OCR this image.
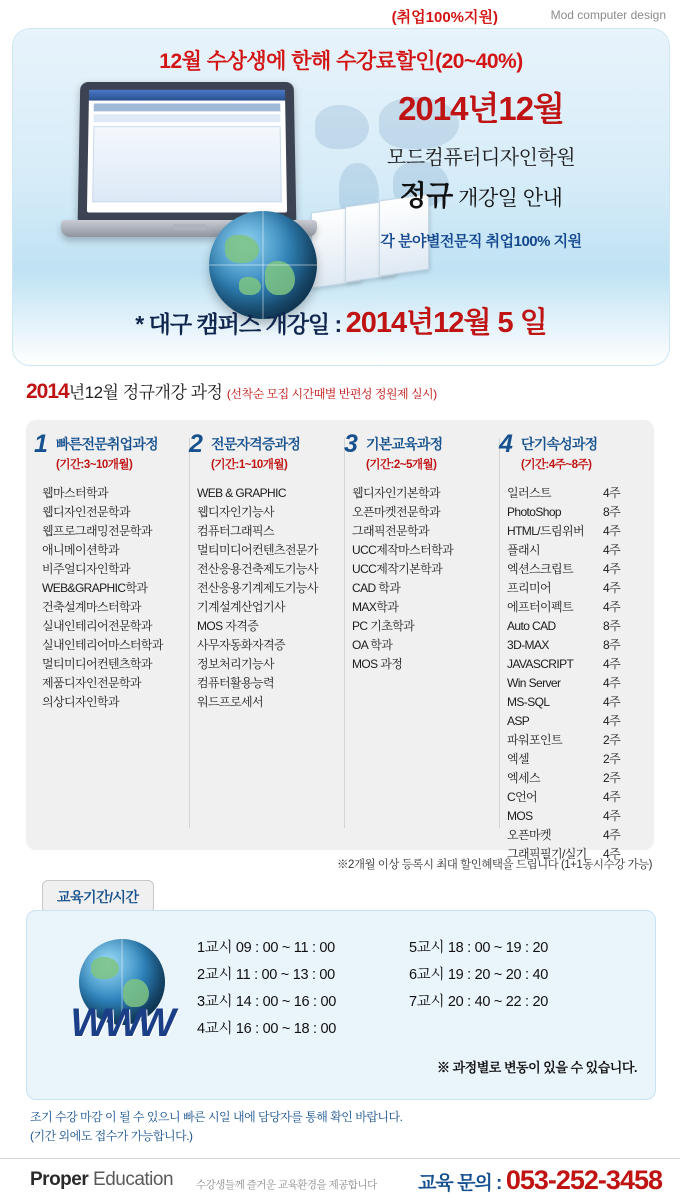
(취업100%지원)	Mod computer design
12월 수상생에 한해 수강료할인(20~40%)
2014년12월
모드컴퓨터디자인학원
정규 개강일 안내
각 분야별전문직 취업100% 지원
* 대구 캠퍼스 개강일 : 2014년12월 5 일
2014년12월 정규개강 과정 (선착순 모집 시간때별 반편성 정원제 실시)
1 빠른전문취업과정
(기간:3~10개월)
웹마스터학과
웹디자인전문학과
웹프로그래밍전문학과
애니메이션학과
비주얼디자인학과
WEB&GRAPHIC학과
건축설계마스터학과
실내인테리어전문학과
실내인테리어마스터학과
멀티미디어컨텐츠학과
제품디자인전문학과
의상디자인학과
2 전문자격증과정
(기간:1~10개월)
WEB & GRAPHIC
웹디자인기능사
컴퓨터그래픽스
멀티미디어컨텐츠전문가
전산응용건축제도기능사
전산응용기계제도기능사
기계설계산업기사
MOS 자격증
사무자동화자격증
정보처리기능사
컴퓨터활용능력
워드프로세서
3 기본교육과정
(기간:2~5개월)
웹디자인기본학과
오픈마켓전문학과
그래픽전문학과
UCC제작마스터학과
UCC제작기본학과
CAD 학과
MAX학과
PC 기초학과
OA 학과
MOS 과정
4 단기속성과정
(기간:4주~8주)
일러스트	4주
PhotoShop	8주
HTML/드림위버	4주
플래시	4주
엑션스크립트	4주
프리미어	4주
에프터이펙트	4주
Auto CAD	8주
3D-MAX	8주
JAVASCRIPT	4주
Win Server	4주
MS-SQL	4주
ASP	4주
파워포인트	2주
엑셀	2주
엑세스	2주
C언어	4주
MOS	4주
오픈마켓	4주
그래픽필기/실기	4주
※2개월 이상 등록시 최대 할인혜택을 드립니다 (1+1동시수강 가능)
교육기간/시간
WWW
1교시 09 : 00 ~ 11 : 00	5교시 18 : 00 ~ 19 : 20
2교시 11 : 00 ~ 13 : 00	6교시 19 : 20 ~ 20 : 40
3교시 14 : 00 ~ 16 : 00	7교시 20 : 40 ~ 22 : 20
4교시 16 : 00 ~ 18 : 00
※ 과정별로 변동이 있을 수 있습니다.
조기 수강 마감 이 될 수 있으니 빠른 시일 내에 담당자를 통해 확인 바랍니다.
(기간 외에도 접수가 가능합니다.)
Proper Education 수강생들께 즐거운 교육환경을 제공합니다 교육 문의 : 053-252-3458
